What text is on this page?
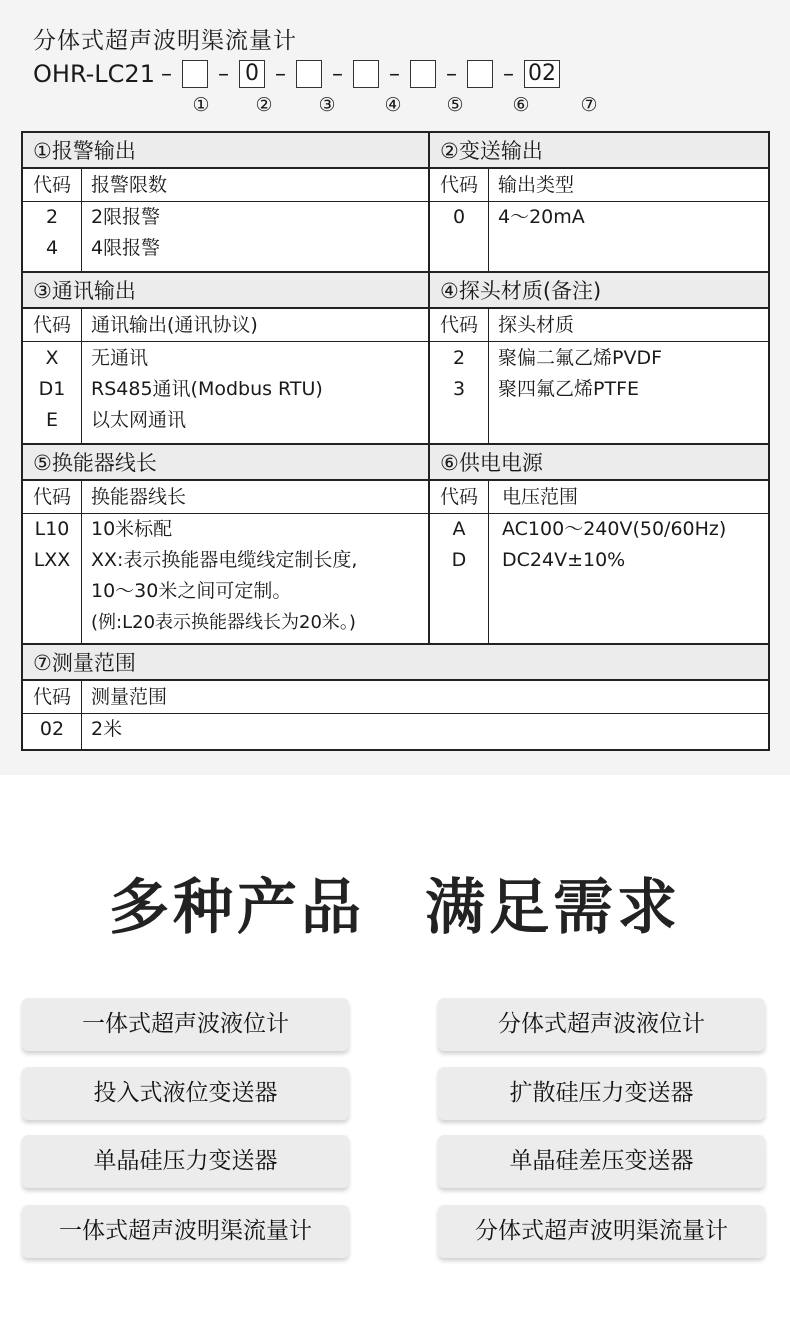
分体式超声波明渠流量计
OHR-LC21 – – 0 – – – – – 02
① ② ③	④ ⑤	⑥	⑦
①报警输出
代码	报警限数
2	2限报警
4	4限报警
②变送输出
代码	输出类型
0	4～20mA
③通讯输出
代码	通讯输出(通讯协议)
X	无通讯
D1	RS485通讯(Modbus RTU)
E	以太网通讯
④探头材质(备注)
代码	探头材质
2	聚偏二氟乙烯PVDF
3	聚四氟乙烯PTFE
⑤换能器线长
代码	换能器线长
L10	10米标配
LXX	XX:表示换能器电缆线定制长度,
10～30米之间可定制。
(例:L20表示换能器线长为20米。)
⑥供电电源
代码	电压范围
A	AC100～240V(50/60Hz)
D	DC24V±10%
⑦测量范围
代码	测量范围
02	2米
多种产品 满足需求
一体式超声波液位计	分体式超声波液位计
投入式液位变送器	扩散硅压力变送器
单晶硅压力变送器	单晶硅差压变送器
一体式超声波明渠流量计	分体式超声波明渠流量计
